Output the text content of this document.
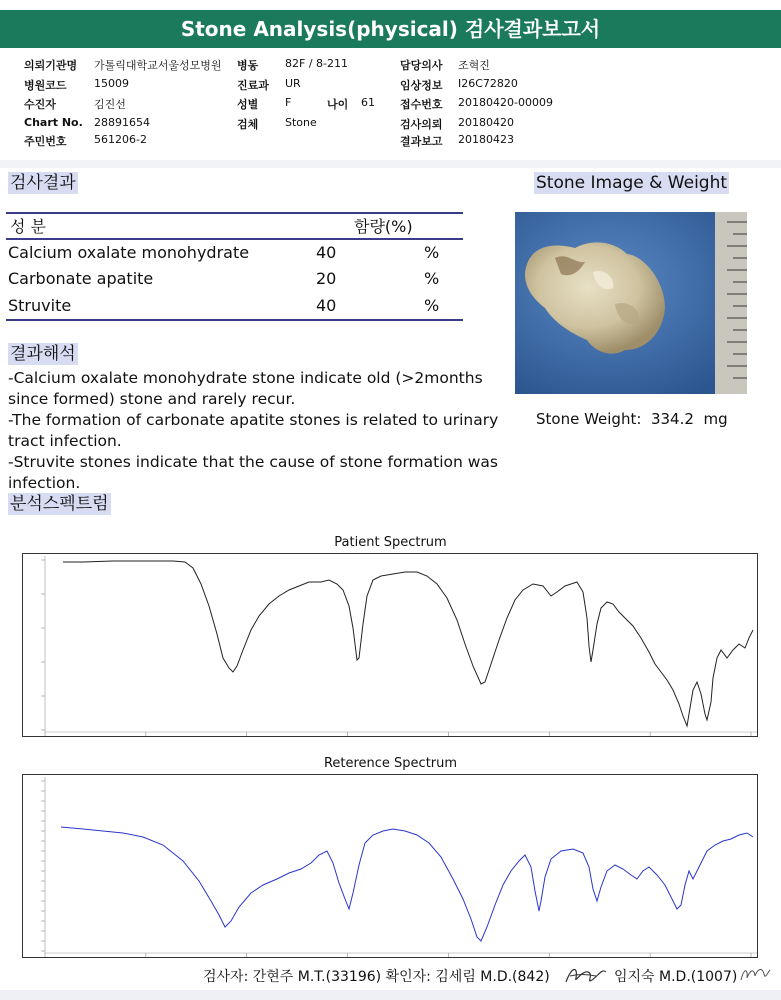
Stone Analysis(physical) 검사결과보고서
의뢰기관명 가톨릭대학교서울성모병원
병원코드 15009
수진자	김진선
Chart No. 28891654
주민번호 561206-2
병동 82F / 8-211
진료과 UR
성별 F	나이 61
검체 Stone
담당의사 조혁진
임상정보 I26C72820
접수번호 20180420-00009
검사의뢰 20180420
결과보고 20180423
검사결과	Stone Image & Weight
성 분	함량(%)
Calcium oxalate monohydrate	40	%
Carbonate apatite	20	%
Struvite	40	%
Stone Weight: 334.2 mg
결과해석

-Calcium oxalate monohydrate stone indicate old (>2months since formed) stone and rarely recur.

-The formation of carbonate apatite stones is related to urinary tract infection.

-Struvite stones indicate that the cause of stone formation was infection.

분석스펙트럼
Patient Spectrum
Reterence Spectrum
검사자: 간현주 M.T.(33196) 확인자: 김세림 M.D.(842)	임지숙 M.D.(1007)
